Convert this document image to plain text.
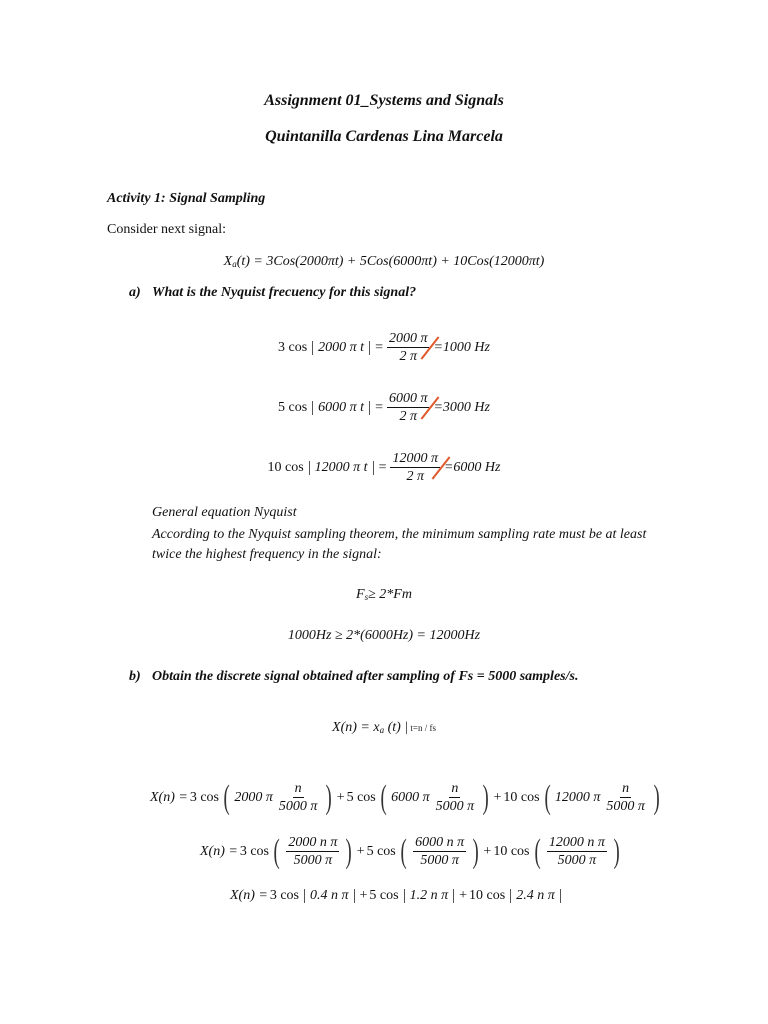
Assignment 01_Systems and Signals
Quintanilla Cardenas Lina Marcela
Activity 1: Signal Sampling
Consider next signal:
$X_a(t) = 3Cos(2000\pi t) + 5Cos(6000\pi t) + 10Cos(12000\pi t)$
a) What is the Nyquist frecuency for this signal?
3 cos 2000 π $t = \frac{2000 \pi}{2 \pi} =1000$ Hz
5 cos 6000 π $t = \frac{6000 \pi}{2 \pi} =3000$ Hz
10 cos 12000 π $t = \frac{12000 \pi}{2 \pi} =6000$ Hz
General equation Nyquist
According to the Nyquist sampling theorem, the minimum sampling rate must be at least twice the highest frequency in the signal:
$F_s\ge 2*Fm$
1000Hz ≥ 2*(6000Hz) = 12000Hz
b) Obtain the discrete signal obtained after sampling of Fs = 5000 samples/s.
$X(n) = x_a$ (t) | t=n / fs
X(n) = 3 cos ( 2000 π $\frac{n}{5000 \pi}$ ) + 5 cos ( 6000 π $\frac{n}{5000 \pi}$ ) + 10 cos ( 12000 π $\frac{n}{5000 \pi}$ )
X(n) = 3 cos ( $\frac{\text{2000 n π}}{5000 \pi}$ ) + 5 cos ( $\frac{\text{6000 n π}}{5000 \pi}$ ) + 10 cos ( $\frac{\text{12000 n π}}{5000 \pi}$ )
X(n) = 3 cos 0.4 n π + 5 cos 1.2 n π + 10 cos 2.4 n π
